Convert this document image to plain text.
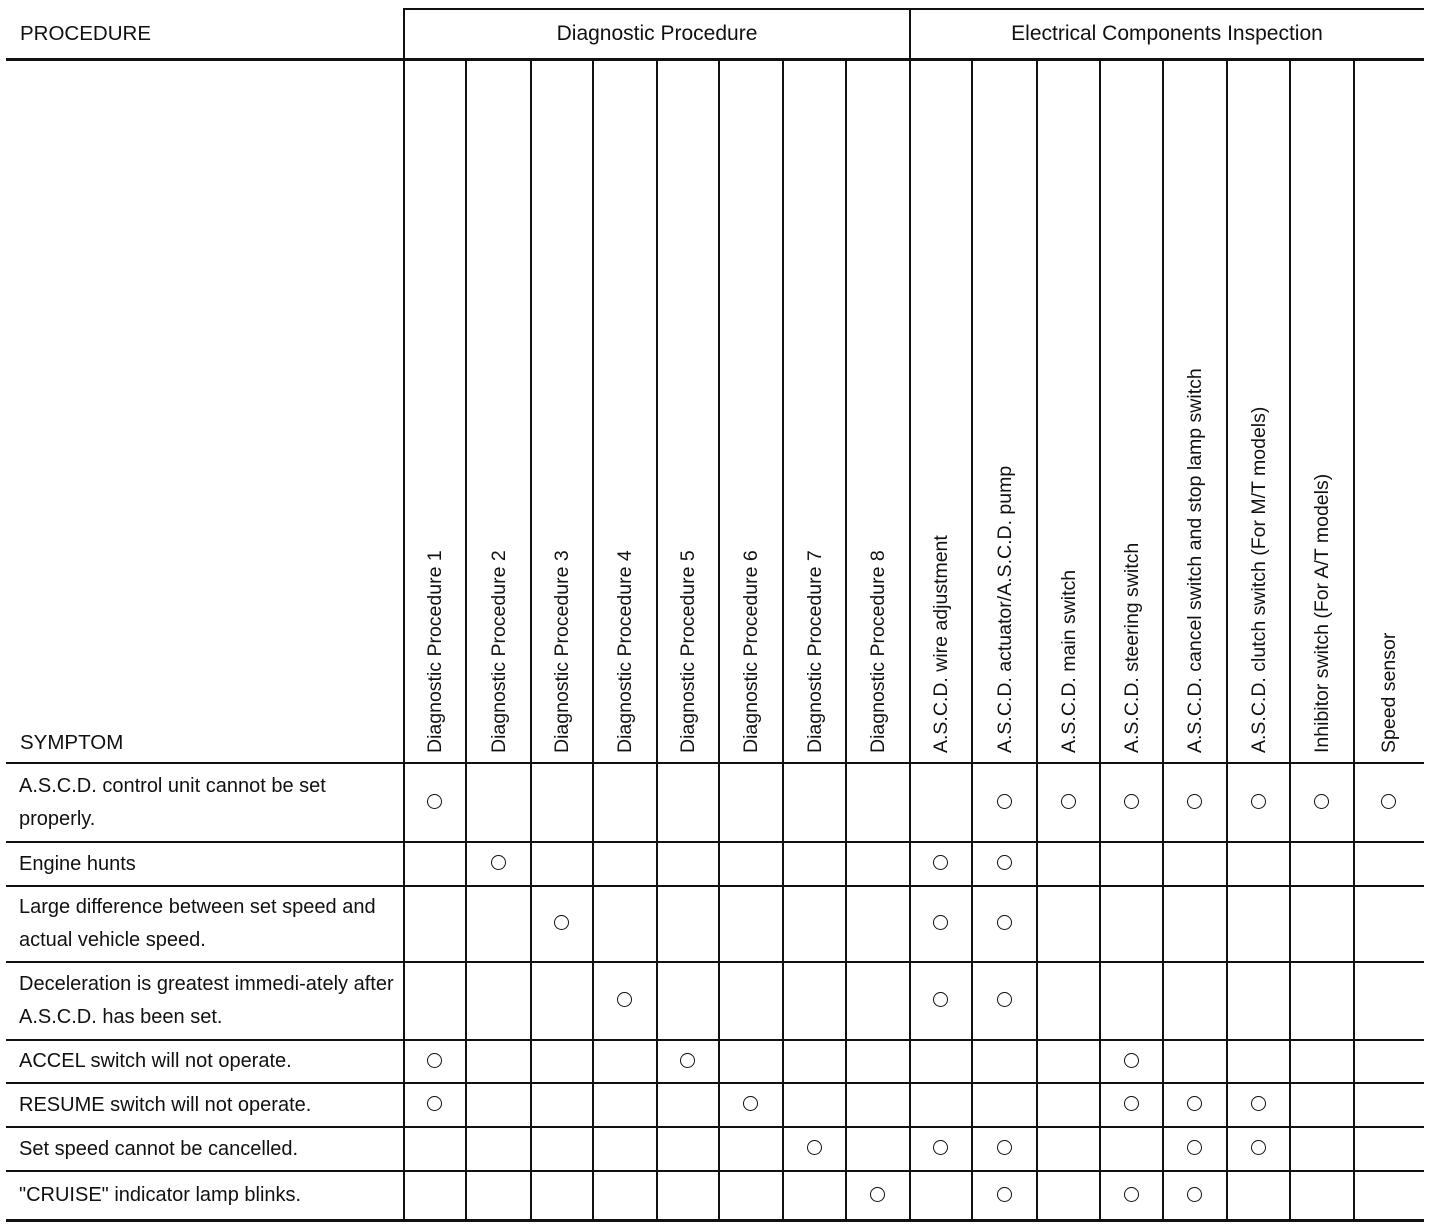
PROCEDURE
SYMPTOM
Diagnostic Procedure	Electrical Components Inspection
Diagnostic Procedure 1 Diagnostic Procedure 2 Diagnostic Procedure 3 Diagnostic Procedure 4 Diagnostic Procedure 5 Diagnostic Procedure 6 Diagnostic Procedure 7 Diagnostic Procedure 8 A.S.C.D. wire adjustment A.S.C.D. actuator/A.S.C.D. pump A.S.C.D. main switch A.S.C.D. steering switch A.S.C.D. cancel switch and stop lamp switch A.S.C.D. clutch switch (For M/T models) Inhibitor switch (For A/T models) Speed sensor
A.S.C.D. control unit cannot be set properly.
Engine hunts
Large difference between set speed and actual vehicle speed.
Deceleration is greatest immedi-ately after A.S.C.D. has been set.
ACCEL switch will not operate.
RESUME switch will not operate.
Set speed cannot be cancelled.
"CRUISE" indicator lamp blinks.
